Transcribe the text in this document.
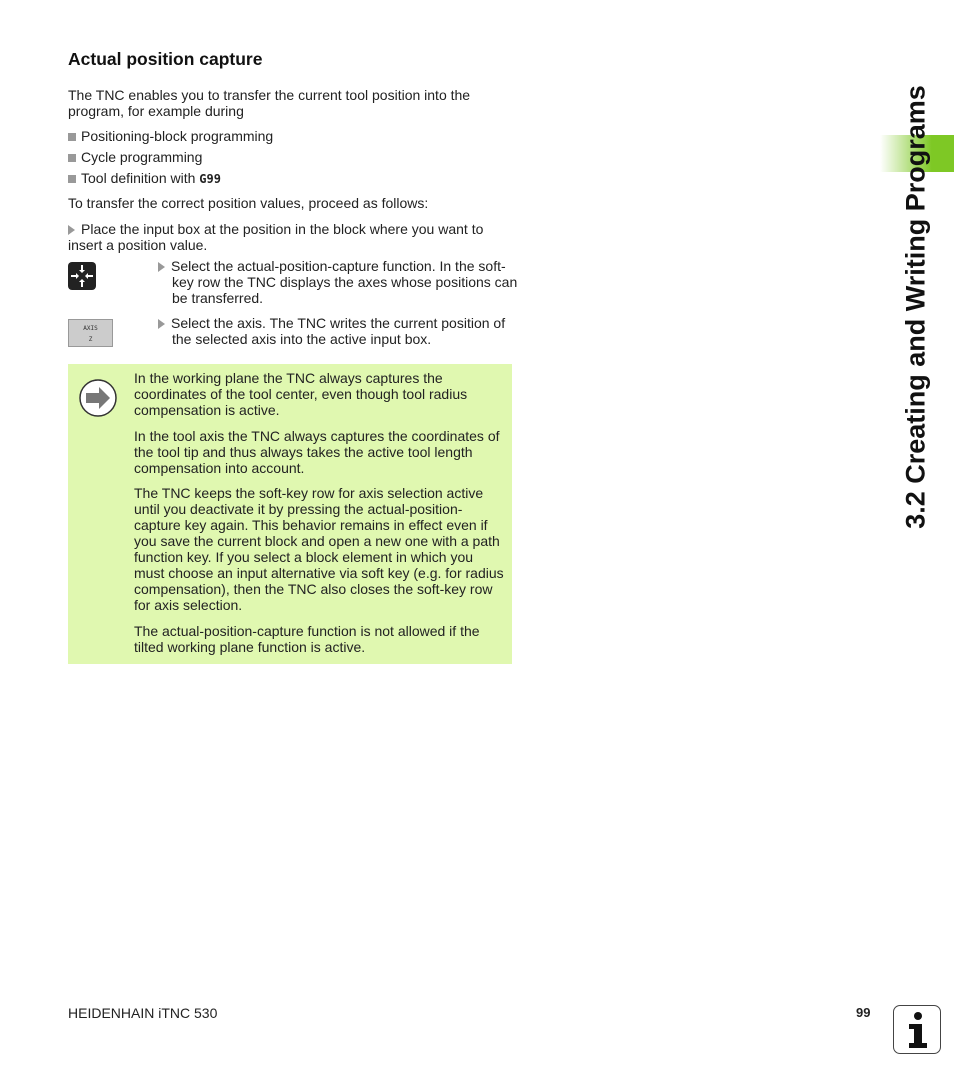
Actual position capture

The TNC enables you to transfer the current tool position into the program, for example during

Positioning-block programming
Cycle programming
Tool definition with G99

To transfer the correct position values, proceed as follows:

Place the input box at the position in the block where you want to insert a position value.
Select the actual-position-capture function. In the soft-key row the TNC displays the axes whose positions can be transferred.
AXIS
Z
Select the axis. The TNC writes the current position of the selected axis into the active input box.

In the working plane the TNC always captures the coordinates of the tool center, even though tool radius compensation is active.

In the tool axis the TNC always captures the coordinates of the tool tip and thus always takes the active tool length compensation into account.

The TNC keeps the soft-key row for axis selection active until you deactivate it by pressing the actual-position-capture key again. This behavior remains in effect even if you save the current block and open a new one with a path function key. If you select a block element in which you must choose an input alternative via soft key (e.g. for radius compensation), then the TNC also closes the soft-key row for axis selection.

The actual-position-capture function is not allowed if the tilted working plane function is active.

3.2 Creating and Writing Programs
HEIDENHAIN iTNC 530	99
